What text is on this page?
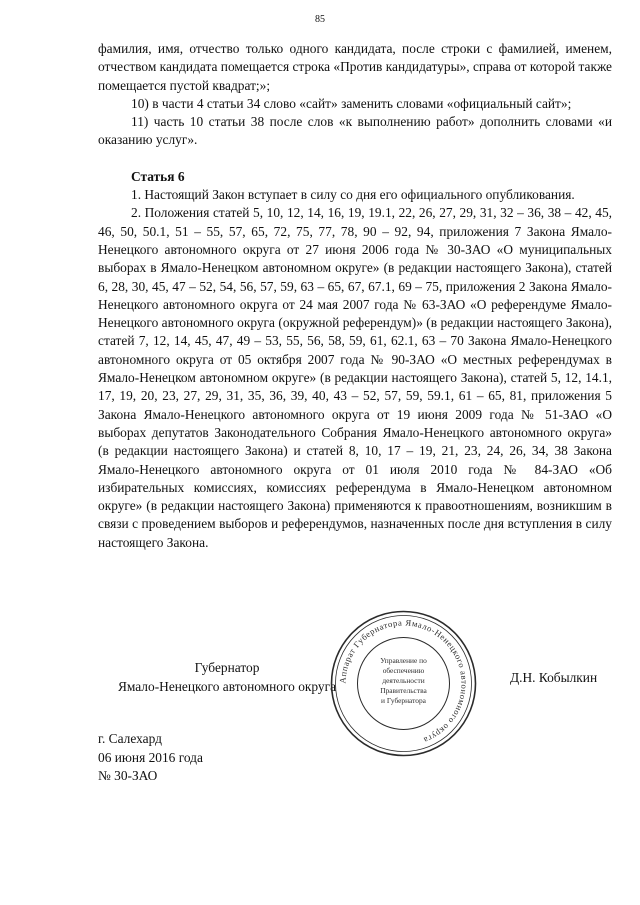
85

фамилия, имя, отчество только одного кандидата, после строки с фамилией, именем, отчеством кандидата помещается строка «Против кандидатуры», справа от которой также помещается пустой квадрат;»;

10) в части 4 статьи 34 слово «сайт» заменить словами «официальный сайт»;

11) часть 10 статьи 38 после слов «к выполнению работ» дополнить словами «и оказанию услуг».

Статья 6

1. Настоящий Закон вступает в силу со дня его официального опубликования.

2. Положения статей 5, 10, 12, 14, 16, 19, 19.1, 22, 26, 27, 29, 31, 32 – 36, 38 – 42, 45, 46, 50, 50.1, 51 – 55, 57, 65, 72, 75, 77, 78, 90 – 92, 94, приложения 7 Закона Ямало-Ненецкого автономного округа от 27 июня 2006 года № 30-ЗАО «О муниципальных выборах в Ямало-Ненецком автономном округе» (в редакции настоящего Закона), статей 6, 28, 30, 45, 47 – 52, 54, 56, 57, 59, 63 – 65, 67, 67.1, 69 – 75, приложения 2 Закона Ямало-Ненецкого автономного округа от 24 мая 2007 года № 63-ЗАО «О референдуме Ямало-Ненецкого автономного округа (окружной референдум)» (в редакции настоящего Закона), статей 7, 12, 14, 45, 47, 49 – 53, 55, 56, 58, 59, 61, 62.1, 63 – 70 Закона Ямало-Ненецкого автономного округа от 05 октября 2007 года № 90-ЗАО «О местных референдумах в Ямало-Ненецком автономном округе» (в редакции настоящего Закона), статей 5, 12, 14.1, 17, 19, 20, 23, 27, 29, 31, 35, 36, 39, 40, 43 – 52, 57, 59, 59.1, 61 – 65, 81, приложения 5 Закона Ямало-Ненецкого автономного округа от 19 июня 2009 года № 51-ЗАО «О выборах депутатов Законодательного Собрания Ямало-Ненецкого автономного округа» (в редакции настоящего Закона) и статей 8, 10, 17 – 19, 21, 23, 24, 26, 34, 38 Закона Ямало-Ненецкого автономного округа от 01 июля 2010 года № 84-ЗАО «Об избирательных комиссиях, комиссиях референдума в Ямало-Ненецком автономном округе» (в редакции настоящего Закона) применяются к правоотношениям, возникшим в связи с проведением выборов и референдумов, назначенных после дня вступления в силу настоящего Закона.

Губернатор
Ямало-Ненецкого автономного округа
Д.Н. Кобылкин
г. Салехард
06 июня 2016 года
№ 30-ЗАО
Аппарат Губернатора Ямало-Ненецкого автономного округа
Управление по
обеспечению
деятельности
Правительства
и Губернатора
